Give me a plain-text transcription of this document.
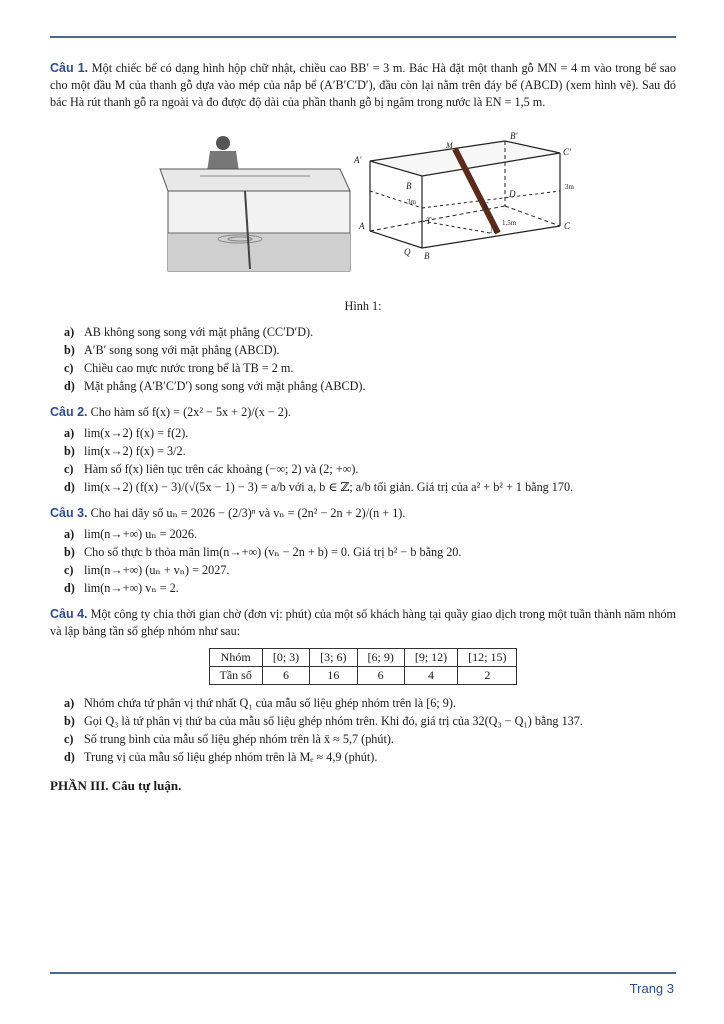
Câu 1. Một chiếc bể có dạng hình hộp chữ nhật, chiều cao BB′ = 3 m. Bác Hà đặt một thanh gỗ MN = 4 m vào trong bể sao cho một đầu M của thanh gỗ dựa vào mép của nắp bể (A′B′C′D′), đầu còn lại nằm trên đáy bể (ABCD) (xem hình vẽ). Sau đó bác Hà rút thanh gỗ ra ngoài và đo được độ dài của phần thanh gỗ bị ngâm trong nước là EN = 1,5 m.
A′
B′
C′
M
B
D
E
A	T
N	C
B
3m
3m
1,5m
Q
Hình 1:
a) AB không song song với mặt phẳng (CC′D′D).
b) A′B′ song song với mặt phẳng (ABCD).
c) Chiều cao mực nước trong bể là TB = 2 m.
d) Mặt phẳng (A′B′C′D′) song song với mặt phẳng (ABCD).
Câu 2. Cho hàm số f(x) = (2x² − 5x + 2)/(x − 2).
a) lim(x→2) f(x) = f(2).
b) lim(x→2) f(x) = 3/2.
c) Hàm số f(x) liên tục trên các khoảng (−∞; 2) và (2; +∞).
d) lim(x→2) (f(x) − 3)/(√(5x − 1) − 3) = a/b với a, b ∈ ℤ; a/b tối giản. Giá trị của a² + b² + 1 bằng 170.
Câu 3. Cho hai dãy số uₙ = 2026 − (2/3)ⁿ và vₙ = (2n² − 2n + 2)/(n + 1).
a) lim(n→+∞) uₙ = 2026.
b) Cho số thực b thỏa mãn lim(n→+∞) (vₙ − 2n + b) = 0. Giá trị b² − b bằng 20.
c) lim(n→+∞) (uₙ + vₙ) = 2027.
d) lim(n→+∞) vₙ = 2.
Câu 4. Một công ty chia thời gian chờ (đơn vị: phút) của một số khách hàng tại quầy giao dịch trong một tuần thành năm nhóm và lập bảng tần số ghép nhóm như sau:
Nhóm	[0; 3)	[3; 6)	[6; 9)	[9; 12)	[12; 15)
Tần số	6	16	6	4	2
a) Nhóm chứa tứ phân vị thứ nhất Q₁ của mẫu số liệu ghép nhóm trên là [6; 9).
b) Gọi Q₃ là tứ phân vị thứ ba của mẫu số liệu ghép nhóm trên. Khi đó, giá trị của 32(Q₃ − Q₁) bằng 137.
c) Số trung bình của mẫu số liệu ghép nhóm trên là x̄ ≈ 5,7 (phút).
d) Trung vị của mẫu số liệu ghép nhóm trên là Mₑ ≈ 4,9 (phút).
PHẦN III. Câu tự luận.
Trang 3
